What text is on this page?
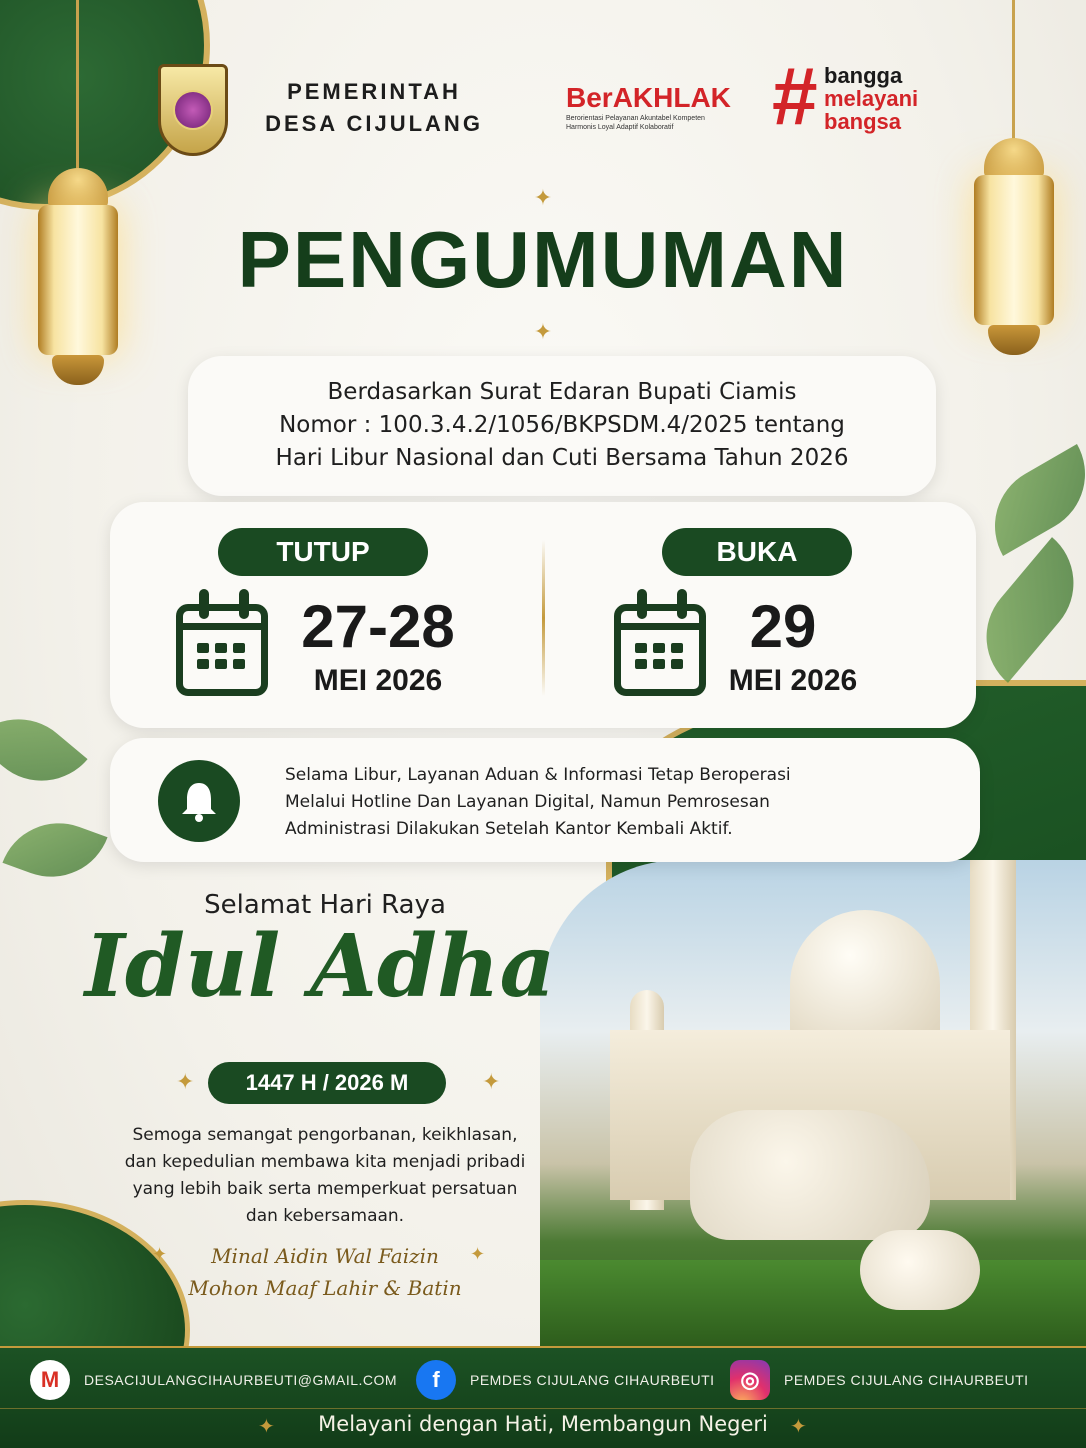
PEMERINTAH
DESA CIJULANG
BerAKHLAK
Berorientasi Pelayanan Akuntabel Kompeten
Harmonis Loyal Adaptif Kolaboratif	# bangga
melayani
bangsa
✦
PENGUMUMAN
✦
Berdasarkan Surat Edaran Bupati Ciamis
Nomor : 100.3.4.2/1056/BKPSDM.4/2025 tentang
Hari Libur Nasional dan Cuti Bersama Tahun 2026
TUTUP
27-28
MEI 2026
BUKA
29
MEI 2026
Selama Libur, Layanan Aduan & Informasi Tetap Beroperasi
Melalui Hotline Dan Layanan Digital, Namun Pemrosesan
Administrasi Dilakukan Setelah Kantor Kembali Aktif.
Selamat Hari Raya
Idul Adha
✦	1447 H / 2026 M	✦
Semoga semangat pengorbanan, keikhlasan,
dan kepedulian membawa kita menjadi pribadi
yang lebih baik serta memperkuat persatuan
dan kebersamaan.
✦	Minal Aidin Wal Faizin
Mohon Maaf Lahir & Batin
✦
M	DESACIJULANGCIHAURBEUTI@GMAIL.COM	f	PEMDES CIJULANG CIHAURBEUTI	◎	PEMDES CIJULANG CIHAURBEUTI
✦	Melayani dengan Hati, Membangun Negeri	✦
